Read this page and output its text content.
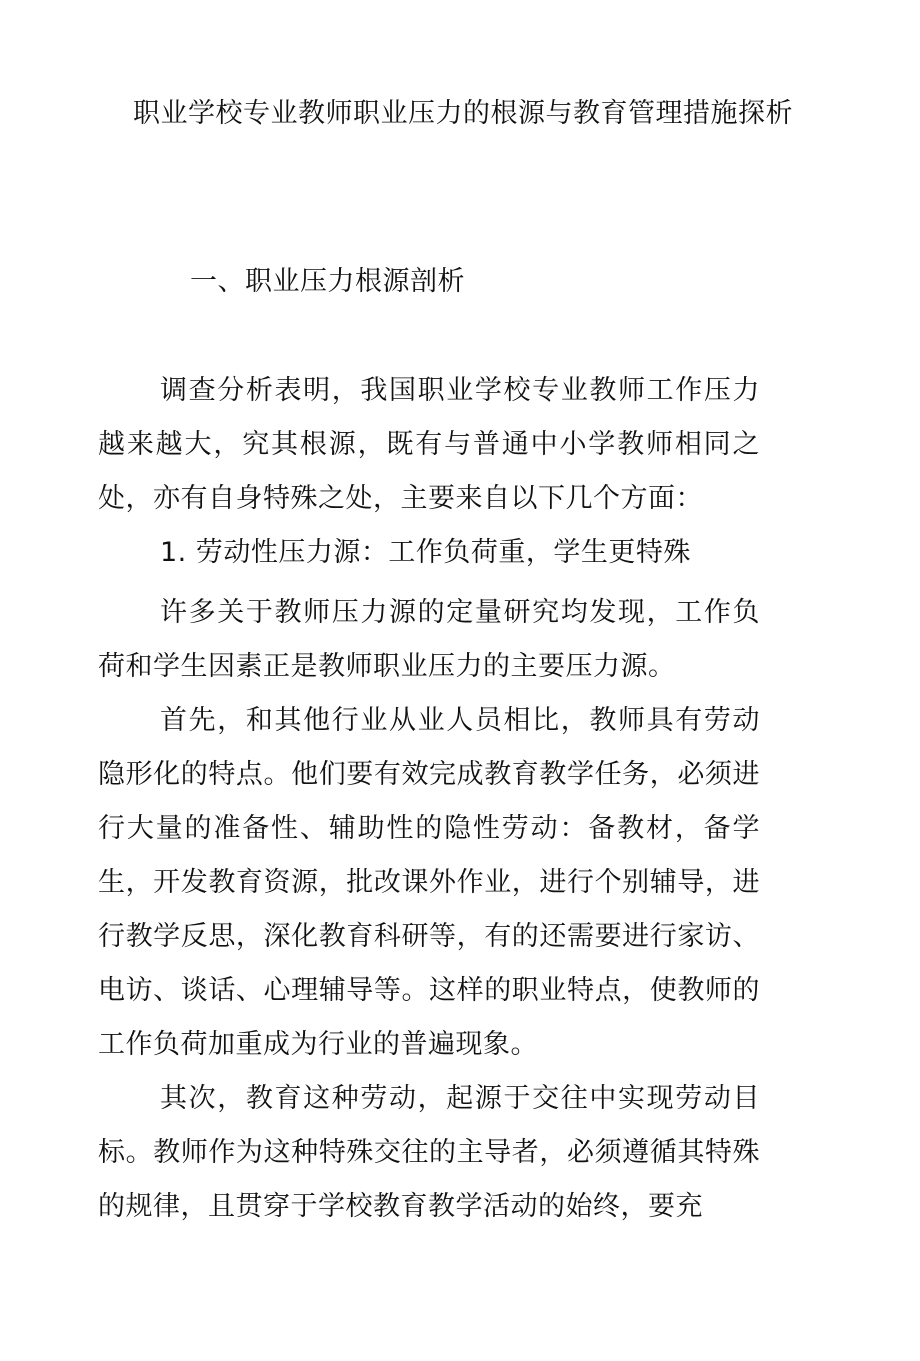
职业学校专业教师职业压力的根源与教育管理措施探析
一、职业压力根源剖析

调查分析表明，我国职业学校专业教师工作压力越来越大，究其根源，既有与普通中小学教师相同之处，亦有自身特殊之处，主要来自以下几个方面：

1. 劳动性压力源：工作负荷重，学生更特殊

许多关于教师压力源的定量研究均发现，工作负荷和学生因素正是教师职业压力的主要压力源。

首先，和其他行业从业人员相比，教师具有劳动隐形化的特点。他们要有效完成教育教学任务，必须进行大量的准备性、辅助性的隐性劳动：备教材，备学生，开发教育资源，批改课外作业，进行个别辅导，进行教学反思，深化教育科研等，有的还需要进行家访、电访、谈话、心理辅导等。这样的职业特点，使教师的工作负荷加重成为行业的普遍现象。

其次，教育这种劳动，起源于交往中实现劳动目标。教师作为这种特殊交往的主导者，必须遵循其特殊的规律，且贯穿于学校教育教学活动的始终，要充
